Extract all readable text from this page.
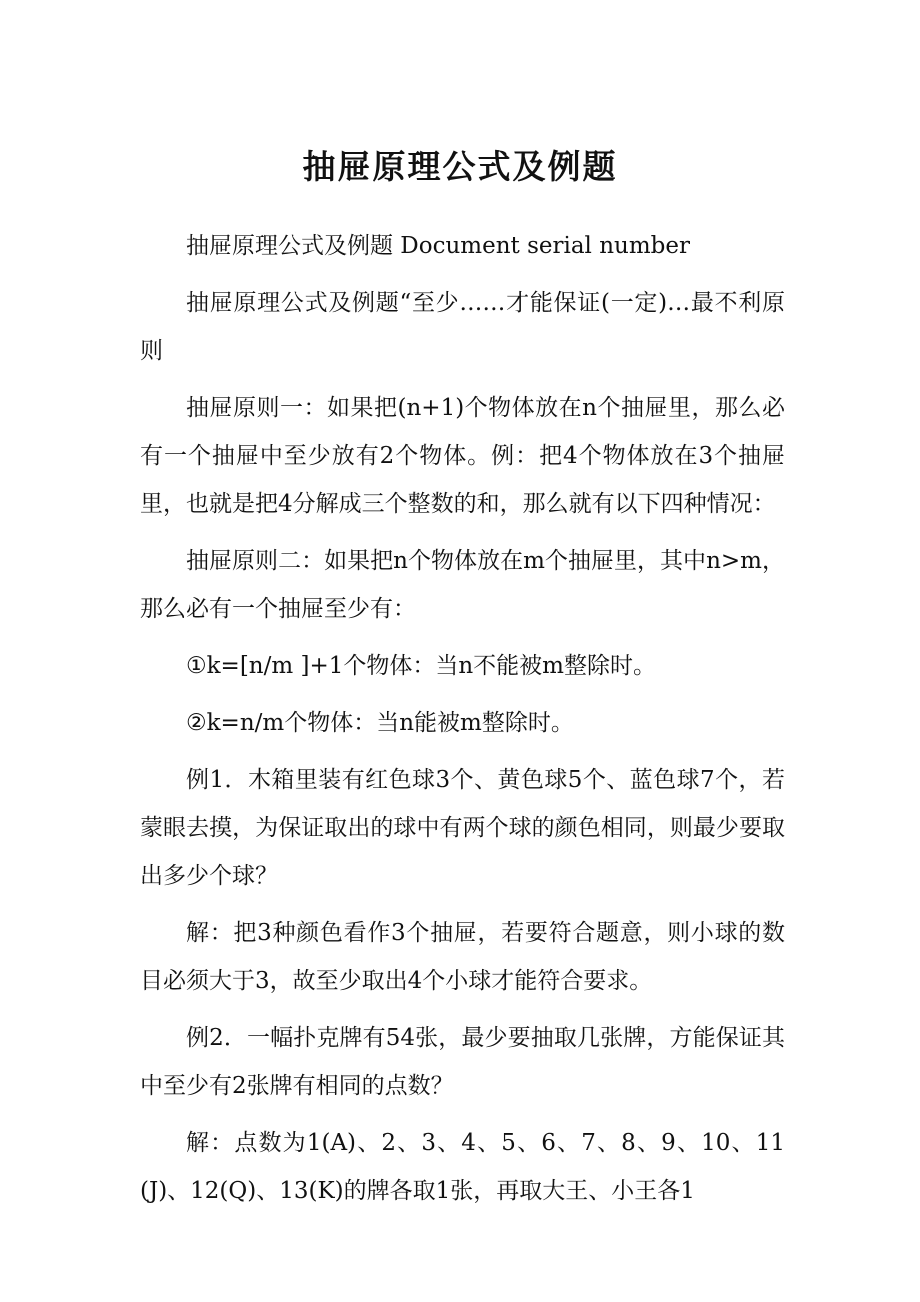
抽屉原理公式及例题

抽屉原理公式及例题 Document serial number

抽屉原理公式及例题“至少……才能保证(一定)…最不利原则

抽屉原则一：如果把(n+1)个物体放在n个抽屉里，那么必有一个抽屉中至少放有2个物体。例：把4个物体放在3个抽屉里，也就是把4分解成三个整数的和，那么就有以下四种情况：

抽屉原则二：如果把n个物体放在m个抽屉里，其中n>m，那么必有一个抽屉至少有：

①k=[n/m ]+1个物体：当n不能被m整除时。

②k=n/m个物体：当n能被m整除时。

例1．木箱里装有红色球3个、黄色球5个、蓝色球7个，若蒙眼去摸，为保证取出的球中有两个球的颜色相同，则最少要取出多少个球？

解：把3种颜色看作3个抽屉，若要符合题意，则小球的数目必须大于3，故至少取出4个小球才能符合要求。

例2．一幅扑克牌有54张，最少要抽取几张牌，方能保证其中至少有2张牌有相同的点数？

解：点数为1(A)、2、3、4、5、6、7、8、9、10、11(J)、12(Q)、13(K)的牌各取1张，再取大王、小王各1
